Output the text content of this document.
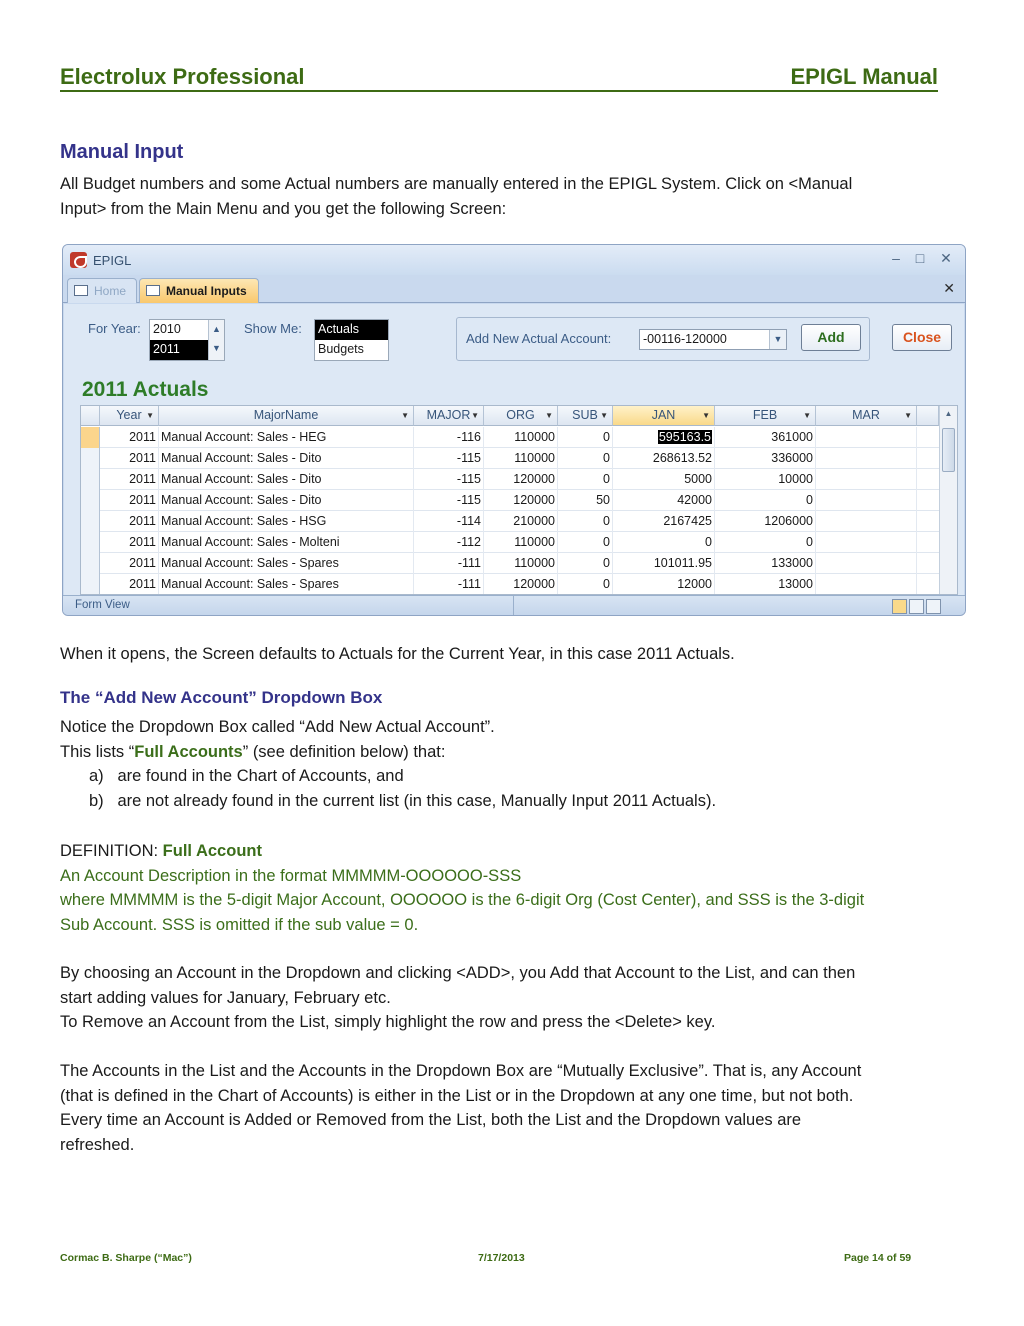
Electrolux Professional	EPIGL Manual
Manual Input
All Budget numbers and some Actual numbers are manually entered in the EPIGL System. Click on <Manual
Input> from the Main Menu and you get the following Screen:
EPIGL	–	□	✕
Home	Manual Inputs	✕
For Year: 2010
2011
▲
▼
Show Me: Actuals
Budgets
Add New Actual Account:	-00116-120000	▼	Add	Close
2011 Actuals
Year ▼	MajorName	▼	MAJOR ▼	ORG ▼	SUB ▼	JAN	▼	FEB	▼	MAR	▼
2011 Manual Account: Sales - HEG	-116	110000	0	595163.5	361000
2011 Manual Account: Sales - Dito	-115	110000	0	268613.52	336000
2011 Manual Account: Sales - Dito	-115	120000	0	5000	10000
2011 Manual Account: Sales - Dito	-115	120000	50	42000	0
2011 Manual Account: Sales - HSG	-114	210000	0	2167425	1206000
2011 Manual Account: Sales - Molteni	-112	110000	0	0	0
2011 Manual Account: Sales - Spares	-111	110000	0	101011.95	133000
2011 Manual Account: Sales - Spares	-111	120000	0	12000	13000
▲
Form View
When it opens, the Screen defaults to Actuals for the Current Year, in this case 2011 Actuals.
The “Add New Account” Dropdown Box
Notice the Dropdown Box called “Add New Actual Account”.
This lists “Full Accounts” (see definition below) that:
a) are found in the Chart of Accounts, and
b) are not already found in the current list (in this case, Manually Input 2011 Actuals).
DEFINITION: Full Account
An Account Description in the format MMMMM-OOOOOO-SSS
where MMMMM is the 5-digit Major Account, OOOOOO is the 6-digit Org (Cost Center), and SSS is the 3-digit
Sub Account. SSS is omitted if the sub value = 0.
By choosing an Account in the Dropdown and clicking <ADD>, you Add that Account to the List, and can then
start adding values for January, February etc.
To Remove an Account from the List, simply highlight the row and press the <Delete> key.
The Accounts in the List and the Accounts in the Dropdown Box are “Mutually Exclusive”. That is, any Account
(that is defined in the Chart of Accounts) is either in the List or in the Dropdown at any one time, but not both.
Every time an Account is Added or Removed from the List, both the List and the Dropdown values are
refreshed.
Cormac B. Sharpe (“Mac”)	7/17/2013	Page 14 of 59
